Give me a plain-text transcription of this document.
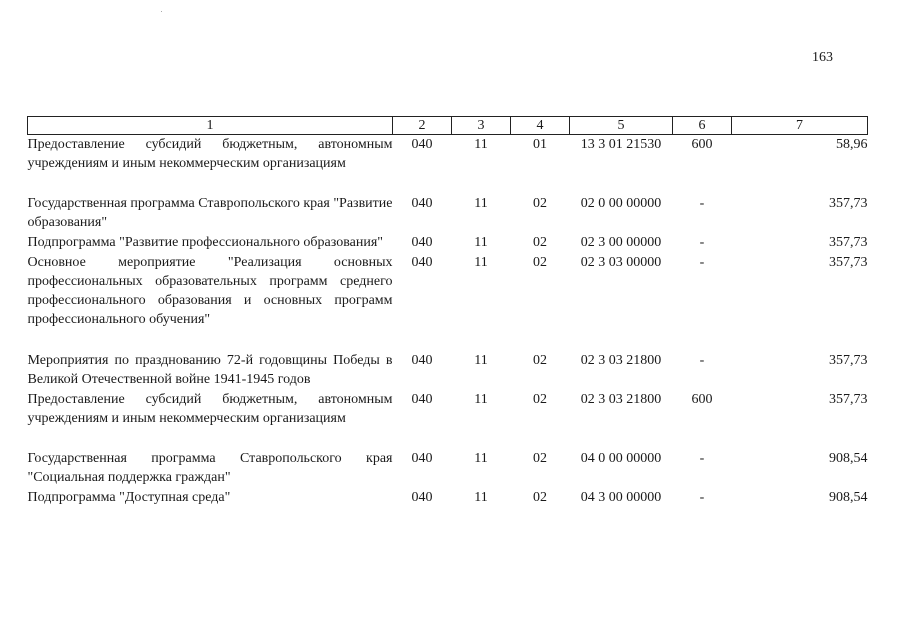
163
1	2	3	4	5	6	7
Предоставление субсидий бюджетным, автономным учреждениям и иным некоммерческим организациям	040	11	01	13 3 01 21530	600	58,96
Государственная программа Ставропольского края "Развитие образования"	040	11	02	02 0 00 00000	-	357,73
Подпрограмма "Развитие профессионального образования"	040	11	02	02 3 00 00000	-	357,73
Основное мероприятие "Реализация основных профессиональных образовательных программ среднего профессионального образования и основных программ профессионального обучения"	040	11	02	02 3 03 00000	-	357,73
Мероприятия по празднованию 72-й годовщины Победы в Великой Отечественной войне 1941-1945 годов	040	11	02	02 3 03 21800	-	357,73
Предоставление субсидий бюджетным, автономным учреждениям и иным некоммерческим организациям	040	11	02	02 3 03 21800	600	357,73
Государственная программа Ставропольского края "Социальная поддержка граждан"	040	11	02	04 0 00 00000	-	908,54
Подпрограмма "Доступная среда"	040	11	02	04 3 00 00000	-	908,54
